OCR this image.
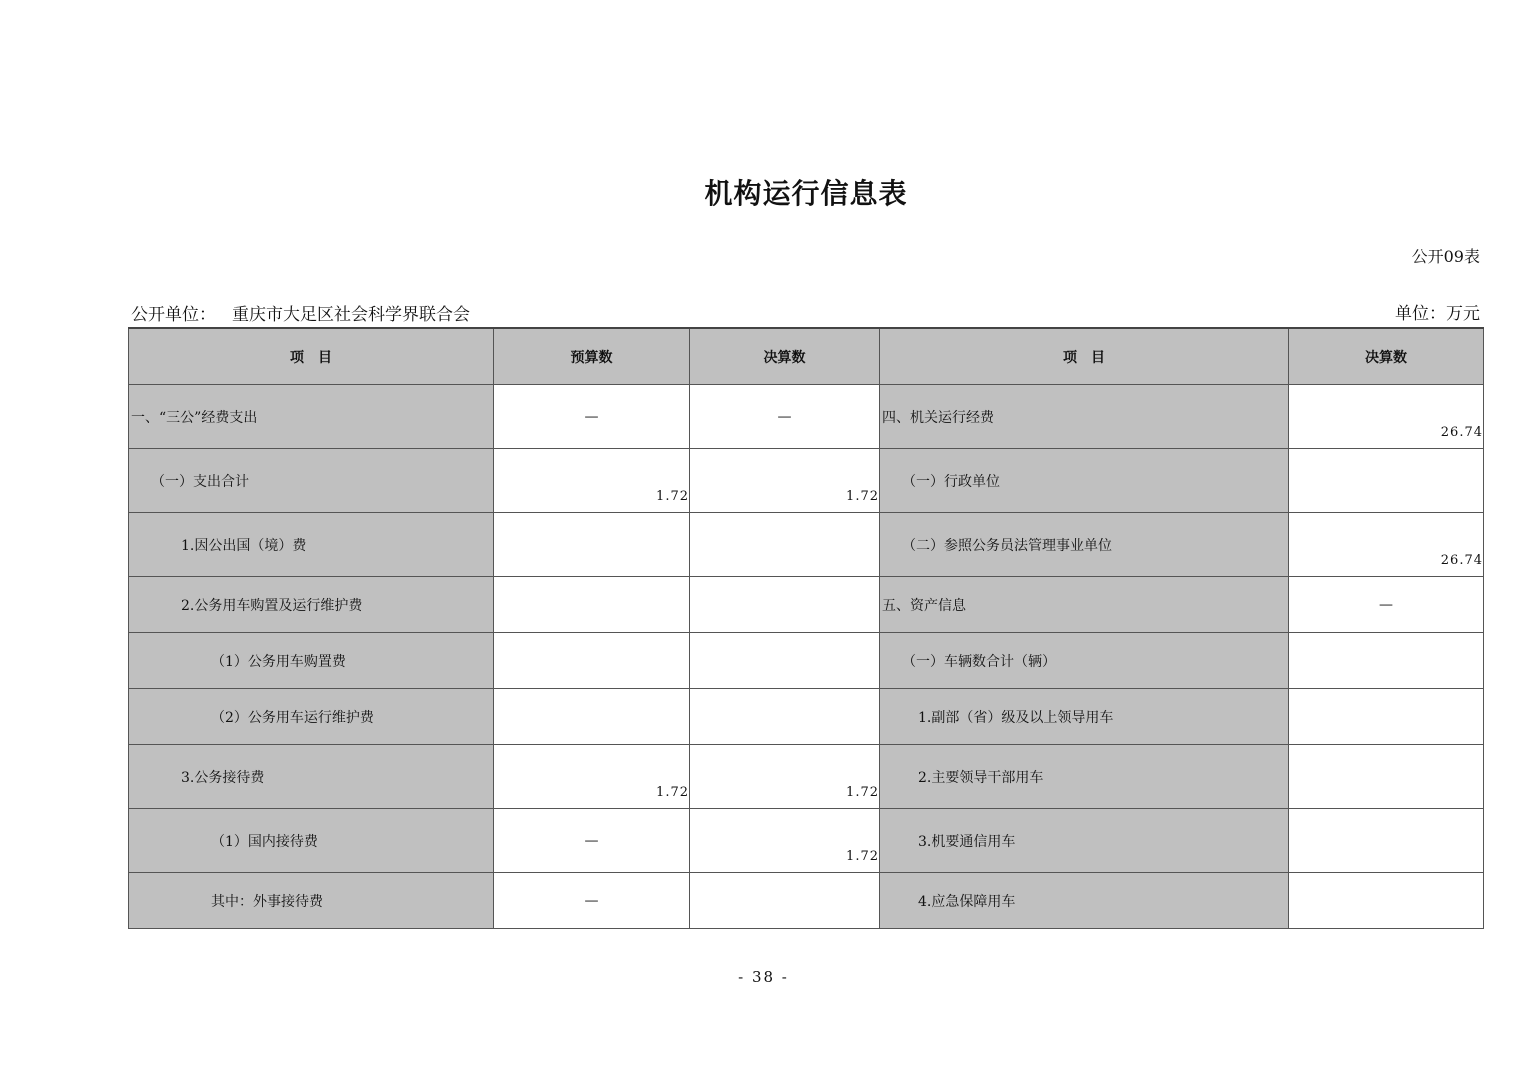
机构运行信息表
公开09表
公开单位： 重庆市大足区社会科学界联合会	单位：万元
项　目	预算数	决算数	项　目	决算数
一、“三公”经费支出	—	—	四、机关运行经费	26.74
（一）支出合计	1.72	1.72	（一）行政单位	
1.因公出国（境）费			（二）参照公务员法管理事业单位	26.74
2.公务用车购置及运行维护费			五、资产信息	—
（1）公务用车购置费			（一）车辆数合计（辆）	
（2）公务用车运行维护费			1.副部（省）级及以上领导用车	
3.公务接待费	1.72	1.72	2.主要领导干部用车	
（1）国内接待费	—	1.72	3.机要通信用车	
其中：外事接待费	—		4.应急保障用车	
- 38 -
